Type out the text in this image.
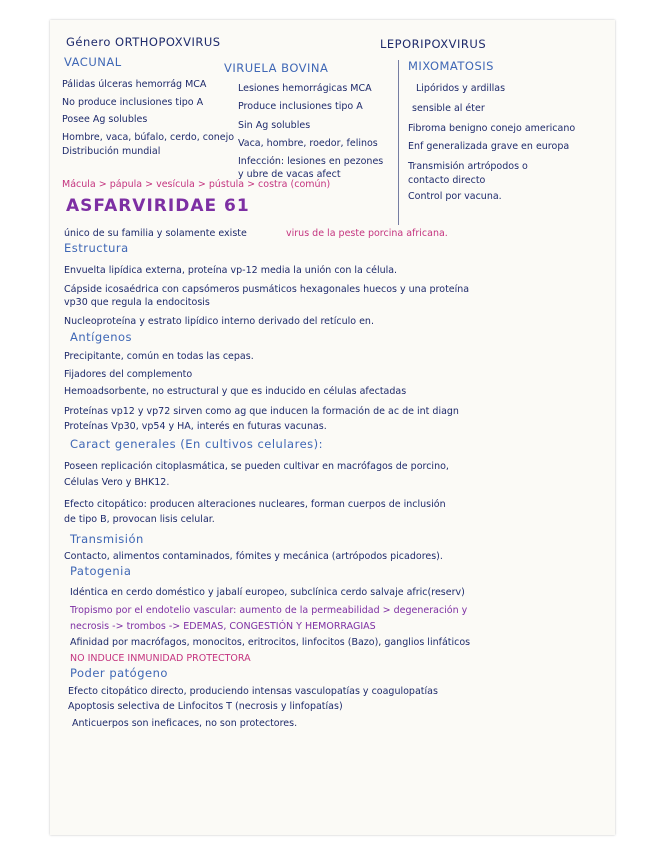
Género ORTHOPOXVIRUS	LEPORIPOXVIRUS
VACUNAL	VIRUELA BOVINA	MIXOMATOSIS
Pálidas úlceras hemorrág MCA
No produce inclusiones tipo A
Posee Ag solubles
Hombre, vaca, búfalo, cerdo, conejo
Distribución mundial
Lesiones hemorrágicas MCA
Produce inclusiones tipo A
Sin Ag solubles
Vaca, hombre, roedor, felinos
Infección: lesiones en pezones
y ubre de vacas afect
Lipóridos y ardillas
sensible al éter
Fibroma benigno conejo americano
Enf generalizada grave en europa
Transmisión artrópodos o
contacto directo
Control por vacuna.
Mácula > pápula > vesícula > pústula > costra (común)
ASFARVIRIDAE 61
único de su familia y solamente existe	virus de la peste porcina africana.
Estructura
Envuelta lipídica externa, proteína vp-12 media la unión con la célula.
Cápside icosaédrica con capsómeros pusmáticos hexagonales huecos y una proteína
vp30 que regula la endocitosis
Nucleoproteína y estrato lipídico interno derivado del retículo en.
Antígenos
Precipitante, común en todas las cepas.
Fijadores del complemento
Hemoadsorbente, no estructural y que es inducido en células afectadas
Proteínas vp12 y vp72 sirven como ag que inducen la formación de ac de int diagn
Proteínas Vp30, vp54 y HA, interés en futuras vacunas.
Caract generales (En cultivos celulares):
Poseen replicación citoplasmática, se pueden cultivar en macrófagos de porcino,
Células Vero y BHK12.
Efecto citopático: producen alteraciones nucleares, forman cuerpos de inclusión
de tipo B, provocan lisis celular.
Transmisión
Contacto, alimentos contaminados, fómites y mecánica (artrópodos picadores).
Patogenia
Idéntica en cerdo doméstico y jabalí europeo, subclínica cerdo salvaje afric(reserv)
Tropismo por el endotelio vascular: aumento de la permeabilidad > degeneración y
necrosis -> trombos -> EDEMAS, CONGESTIÓN Y HEMORRAGIAS
Afinidad por macrófagos, monocitos, eritrocitos, linfocitos (Bazo), ganglios linfáticos
NO INDUCE INMUNIDAD PROTECTORA
Poder patógeno
Efecto citopático directo, produciendo intensas vasculopatías y coagulopatías
Apoptosis selectiva de Linfocitos T (necrosis y linfopatías)
Anticuerpos son ineficaces, no son protectores.
